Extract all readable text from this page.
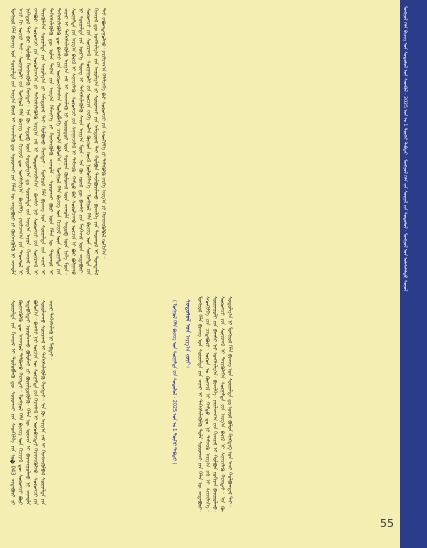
ᠮᠣᠩᠭᠣᠯ ᠬᠡᠯᠡ ᠪᠢᠴᠢᠭ᠌ ᠤᠨ ᠰᠤᠳᠤᠯᠤᠯ ᠤᠨ ᠰᠡᠳᠬᠦᠯ · 2025 ᠣᠨ ᠤ 1 ᠳᠦᠭᠡᠷ ᠳᠡᠪᠲᠡᠷ · ᠮᠣᠩᠭᠣᠯ ᠬᠡᠯᠡ ᠵᠢᠨ ᠰᠤᠷᠭᠠᠯ ᠵᠢᠨ ᠰᠤᠳᠤᠯᠤᠯ · ᠮᠣᠩᠭᠣᠯ ᠤᠨ ᠤᠯᠠᠮᠵᠯᠠᠯᠳᠤ ᠰᠣᠶᠣᠯ
ᠮᠣᠩᠭᠣᠯ ᠬᠡᠯᠡ ᠪᠢᠴᠢᠭ᠌ ᠤᠨ ᠰᠤᠷᠭᠠᠯᠲᠠ ᠶᠢᠨ ᠠᠷᠭ᠎ᠠ ᠪᠠᠷᠢᠯ ᠢ ᠰᠢᠨᠵᠢᠯᠡᠬᠦ ᠳᠦ ᠰᠤᠷᠤᠭᠴᠢ ᠶᠢᠨ ᠬᠡᠯᠡᠨ ᠦ ᠴᠢᠳᠠᠪᠤᠷᠢ ᠶᠢ ᠬᠥᠭᠵᠢᠭᠦᠯᠬᠦ ᠨᠢ ᠴᠢᠬᠤᠯᠠ ᠠᠴᠢ ᠬᠢ ᠤᠴᠢᠷ ᠲᠠᠢ᠃ ᠰᠤᠷᠭᠠᠭᠤᠯᠢ ᠶᠢᠨ ᠮᠣᠩᠭᠣᠯ ᠬᠡᠯᠡ ᠪᠢᠴᠢᠭ᠌ ᠤᠨ ᠬᠢᠴᠢᠶᠡᠯ ᠳᠦ ᠤᠩᠰᠢᠯᠭ᠎ᠠ᠂ ᠪᠢᠴᠢᠯᠭᠡ᠂ ᠶᠠᠷᠢᠯᠴᠠᠭ᠎ᠠ ᠶᠢᠨ ᠳᠠᠳᠬᠤᠯ ᠢ ᠨᠢᠭᠡᠳᠦᠯ ᠲᠡᠢ ᠪᠡᠷ ᠬᠣᠯᠪᠣᠨ ᠬᠡᠷᠡᠭᠵᠢᠭᠦᠯᠬᠦ ᠬᠡᠷᠡᠭᠲᠡᠢ᠃ ᠡᠨᠡ ᠬᠦ ᠰᠡᠳᠦᠪ ᠦᠨ ᠰᠤᠳᠤᠯᠭ᠎ᠠ ᠳᠤ ᠰᠤᠷᠭᠠᠯᠲᠠ ᠶᠢᠨ ᠠᠷᠭ᠎ᠠ ᠠᠷᠭᠠ᠂ ᠬᠢᠴᠢᠶᠡᠯ ᠦᠨ ᠵᠠᠭᠪᠤᠷ᠂ ᠰᠤᠷᠤᠭᠴᠢ ᠶᠢᠨ ᠣᠷᠣᠯᠴᠠᠭ᠎ᠠ ᠶᠢ ᠳᠡᠭᠡᠭᠰᠢᠯᠡᠭᠦᠯᠬᠦ ᠠᠷᠭ᠎ᠠ ᠵᠠᠮ ᠢ ᠲᠣᠳᠣᠷᠬᠠᠢᠯᠠᠨ᠎ᠠ᠃ ᠪᠠᠭᠰᠢ ᠨᠠᠷ ᠰᠤᠷᠤᠭᠴᠢ ᠶᠢᠨ ᠰᠤᠨᠢᠷᠬᠠᠯ ᠢ ᠲᠡᠷᠢᠭᠦᠯᠡᠭᠡᠨ ᠰᠤᠷᠭᠠᠯᠲᠠ ᠶᠢᠨ ᠠᠭᠤᠯᠭ᠎ᠠ ᠶᠢ ᠠᠮᠢᠳᠤᠷᠠᠯ ᠲᠠᠢ ᠬᠣᠯᠪᠣᠬᠤ ᠬᠡᠷᠡᠭᠲᠡᠢ᠃ ᠮᠣᠩᠭᠣᠯ ᠬᠡᠯᠡ ᠪᠢᠴᠢᠭ᠌ ᠤᠨ ᠰᠤᠷᠭᠠᠯᠲᠠ ᠶᠢᠨ ᠴᠢᠨᠠᠷ ᠢ ᠳᠡᠭᠡᠭᠰᠢᠯᠡᠭᠦᠯᠬᠦ ᠳᠦ ᠣᠯᠠᠨ ᠲᠠᠯ᠎ᠠ ᠶᠢᠨ ᠠᠷᠭ᠎ᠠ ᠬᠡᠮᠵᠢᠶ᠎ᠡ ᠶᠢ ᠬᠡᠷᠡᠭᠵᠢᠭᠦᠯᠬᠦ ᠴᠢᠬᠤᠯᠠ᠃ ᠰᠤᠷᠤᠭᠴᠢ ᠪᠦᠷ ᠦᠨ ᠬᠡᠯᠡᠨ ᠦ ᠳᠠᠳᠬᠤᠯ ᠢ ᠳᠡᠭᠡᠭᠰᠢᠯᠡᠭᠦᠯᠬᠦ ᠳᠦ ᠪᠠᠭᠰᠢ ᠶᠢᠨ ᠤᠷᠢᠳᠴᠢᠯᠠᠭᠰᠠᠨ ᠲᠥᠯᠥᠪᠯᠡᠭᠡ ᠴᠢᠬᠤᠯᠠ ᠪᠣᠯᠤᠨ᠎ᠠ᠃ ᠮᠣᠩᠭᠣᠯ ᠬᠡᠯᠡ ᠪᠢᠴᠢᠭ᠌ ᠤᠨ ᠬᠢᠴᠢᠶᠡᠯ ᠦᠨ ᠰᠤᠷᠭᠠᠯᠲᠠ ᠶᠢᠨ ᠴᠢᠨᠠᠷ ᠢ ᠳᠡᠭᠡᠭᠰᠢᠯᠡᠭᠦᠯᠬᠦ ᠠᠷᠭ᠎ᠠ ᠵᠠᠮ ᠢ ᠰᠢᠨᠵᠢᠯᠡᠬᠦ ᠨᠢ ᠥᠨᠥᠳᠦᠷ ᠦᠨ ᠰᠤᠷᠭᠠᠨ ᠬᠦᠮᠦᠵᠢᠯ ᠦᠨ ᠴᠢᠬᠤᠯᠠ ᠰᠡᠳᠦᠪ ᠦᠨ ᠨᠢᠭᠡ ᠮᠥᠨ᠃ ᠰᠤᠷᠭᠠᠯᠲᠠ ᠶᠢᠨ ᠠᠷᠭ᠎ᠠ ᠪᠠᠷᠢᠯ ᠢ ᠰᠢᠨᠡᠴᠢᠯᠡᠬᠦ᠂ ᠰᠤᠷᠤᠭᠴᠢ ᠶᠢᠨ ᠰᠠᠨᠠᠭᠠᠴᠢᠯᠠᠯ ᠢ ᠳᠡᠮᠵᠢᠬᠦ᠂ ᠬᠠᠮᠲᠤ ᠪᠡᠷ ᠰᠤᠷᠤᠯᠴᠠᠬᠤ ᠣᠷᠴᠢᠨ ᠢ ᠪᠤᠢ ᠪᠣᠯᠭᠠᠬᠤ ᠨᠢ ᠰᠤᠷᠭᠠᠯᠲᠠ ᠶᠢᠨ ᠦᠷ᠎ᠡ ᠳᠦᠩ ᠢ ᠳᠡᠭᠡᠭᠰᠢᠯᠡᠭᠦᠯᠬᠦ ᠰᠠᠢᠨ ᠠᠷᠭ᠎ᠠ ᠮᠥᠨ᠃ ᠡᠨᠡ ᠬᠦ ᠵᠦᠢᠯ ᠳᠦ ᠪᠠᠭᠰᠢ ᠶᠢᠨ ᠮᠡᠷᠭᠡᠵᠢᠯ ᠦᠨ ᠴᠢᠳᠠᠪᠤᠷᠢ᠂ ᠰᠤᠷᠤᠭᠴᠢ ᠶᠢᠨ ᠰᠣᠨᠢᠷᠬᠠᠯ᠂ ᠰᠤᠷᠭᠠᠭᠤᠯᠢ ᠶᠢᠨ ᠣᠷᠴᠢᠨ ᠵᠡᠷᠭᠡ ᠣᠯᠠᠨ ᠬᠦᠴᠦᠨ ᠵᠦᠢᠯ ᠨᠥᠯᠥᠭᠡᠯᠡᠨ᠎ᠡ᠃ ᠮᠣᠩᠭᠣᠯ ᠬᠡᠯᠡ ᠪᠢᠴᠢᠭ᠌ ᠤᠨ ᠰᠤᠷᠭᠠᠯᠲᠠ ᠶᠢᠨ ᠬᠢᠴᠢᠶᠡᠯ ᠳᠦ ᠤᠩᠰᠢᠯᠭ᠎ᠠ ᠶᠢᠨ ᠠᠭᠤᠯᠭ᠎ᠠ ᠶᠢ ᠰᠤᠷᠤᠭᠴᠢ ᠶᠢᠨ ᠠᠮᠢᠳᠤᠷᠠᠯ ᠲᠠᠢ ᠬᠣᠯᠪᠣᠨ ᠲᠠᠢᠯᠪᠤᠷᠢᠯᠠᠬᠤ᠂ ᠪᠢᠴᠢᠯᠭᠡ ᠶᠢᠨ ᠳᠠᠳᠬᠤᠯ ᠢ ᠲᠣᠭᠲᠠᠮᠠᠯ ᠲᠠᠢ ᠶᠠᠪᠤᠭᠳᠠᠭᠤᠯᠬᠤ᠂ ᠶᠠᠷᠢᠯᠴᠠᠭ᠎ᠠ ᠬᠡᠯᠡᠯᠴᠡᠭᠡ ᠪᠡᠷ ᠰᠤᠷᠤᠭᠴᠢ ᠶᠢᠨ ᠰᠡᠳᠬᠢᠯᠭᠡ ᠶᠢ ᠲᠡᠯᠡᠭᠦᠯᠬᠦ ᠵᠡᠷᠭᠡ ᠠᠷᠭ᠎ᠠ ᠶᠢ ᠬᠡᠷᠡᠭᠵᠢᠭᠦᠯᠪᠡᠯ ᠵᠣᠬᠢᠨ᠎ᠠ᠃
ᠮᠣᠩᠭᠣᠯ ᠬᠡᠯᠡ ᠪᠢᠴᠢᠭ᠌ ᠤᠨ ᠰᠤᠷᠭᠠᠯᠲᠠ ᠶᠢᠨ ᠴᠢᠨᠠᠷ ᠢ ᠳᠡᠭᠡᠭᠰᠢᠯᠡᠭᠦᠯᠬᠦ ᠲᠤᠯᠠ ᠰᠤᠷᠤᠭᠴᠢ ᠶᠢᠨ ᠬᠡᠯᠡᠨ ᠦ ᠴᠢᠳᠠᠪᠤᠷᠢ᠂ ᠰᠡᠳᠬᠢᠯᠭᠡ ᠶᠢᠨ ᠴᠢᠳᠠᠪᠤᠷᠢ᠂ ᠣᠶᠤᠨ ᠤ ᠬᠥᠭᠵᠢᠯ ᠢ ᠬᠠᠮᠲᠤ ᠳᠤ ᠨᠢ ᠳᠡᠮᠵᠢᠬᠦ ᠠᠷᠭ᠎ᠠ ᠵᠠᠮ ᠢ ᠰᠢᠨᠵᠢᠯᠡᠨ᠎ᠡ᠃ ᠰᠤᠷᠭᠠᠭᠤᠯᠢ ᠶᠢᠨ ᠪᠠᠭᠰᠢ ᠨᠠᠷ ᠤᠩᠰᠢᠯᠭ᠎ᠠ᠂ ᠪᠢᠴᠢᠯᠭᠡ᠂ ᠶᠠᠷᠢᠯᠴᠠᠭ᠎ᠠ ᠶᠢᠨ ᠬᠢᠴᠢᠶᠡᠯ ᠢ ᠬᠣᠯᠪᠣᠨ ᠵᠣᠬᠢᠶᠠᠨ ᠪᠠᠢᠭᠤᠯᠬᠤ᠂ ᠰᠤᠷᠤᠭᠴᠢ ᠶᠢᠨ ᠰᠤᠨᠢᠷᠬᠠᠯ ᠢ ᠲᠡᠷᠢᠭᠦᠯᠡᠭᠡᠨ ᠰᠤᠷᠭᠠᠯᠲᠠ ᠶᠢᠨ ᠠᠷᠭ᠎ᠠ ᠪᠠᠷᠢᠯ ᠢ ᠰᠢᠨᠡᠴᠢᠯᠡᠬᠦ ᠬᠡᠷᠡᠭᠲᠡᠢ᠃ ᠡᠨᠡ ᠬᠦ ᠰᠤᠳᠤᠯᠭ᠎ᠠ ᠨᠢ ᠮᠣᠩᠭᠣᠯ ᠬᠡᠯᠡ ᠪᠢᠴᠢᠭ᠌ ᠤᠨ ᠰᠤᠷᠭᠠᠯᠲᠠ ᠳᠤ ᠣᠨᠣᠯ ᠪᠣᠯᠤᠨ ᠫᠷᠠᠺᠲᠢᠺ ᠤᠨ ᠠᠴᠢ ᠬᠣᠯᠪᠣᠭᠳᠠᠯ ᠲᠠᠢ᠃
ᠰᠤᠳᠤᠯᠤᠯ ᠤᠨ ᠠᠷᠭ᠎ᠠ ᠵᠦᠢ᠄
( ᠮᠣᠩᠭᠣᠯ ᠬᠡᠯᠡ ᠪᠢᠴᠢᠭ᠌ ᠤᠨ ᠰᠤᠷᠭᠠᠯᠲᠠ ᠶᠢᠨ ᠰᠤᠳᠤᠯᠤᠯ · 2025 ᠣᠨ ᠤ 1 ᠳᠦᠭᠡᠷ ᠳᠡᠪᠲᠡᠷ )
ᠰᠤᠷᠭᠠᠯᠲᠠ ᠶᠢᠨ ᠬᠢᠴᠢᠶᠡᠯ ᠢ ᠲᠥᠯᠥᠪᠯᠡᠬᠦ ᠳᠦ ᠰᠤᠷᠤᠭᠴᠢ ᠶᠢᠨ ᠰᠡᠳᠬᠢᠯᠭᠡ ᠶᠢᠨ ᠣ�043 ᠴᠢᠳᠠᠪᠤᠷᠢ ᠶᠢ ᠬᠥᠭᠵᠢᠭᠦᠯᠬᠦ ᠳᠦ ᠠᠨᠬᠠᠷᠤᠯ ᠲᠠᠯᠪᠢᠬᠤ ᠬᠡᠷᠡᠭᠲᠡᠢ᠃ ᠮᠣᠩᠭᠣᠯ ᠬᠡᠯᠡ ᠪᠢᠴᠢᠭ᠌ ᠤᠨ ᠬᠢᠴᠢᠶᠡᠯ ᠳᠦ ᠰᠤᠷᠤᠭᠴᠢ ᠪᠦᠷ ᠢᠳᠡᠪᠬᠢᠲᠡᠢ ᠣᠷᠣᠯᠴᠠᠬᠤ ᠪᠣᠯᠤᠮᠵᠢ ᠶᠢ ᠪᠦᠷᠢᠯᠳᠦᠭᠦᠯᠬᠦ᠂ ᠬᠡᠯᠡᠨ ᠦ ᠣᠷᠴᠢᠨ ᠢ ᠪᠠᠶᠠᠵᠢᠭᠤᠯᠬᠤ ᠨᠢ ᠴᠢᠬᠤᠯᠠ ᠪᠣᠯᠤᠨ᠎ᠠ᠃ ᠪᠠᠭᠰᠢ ᠨᠠᠷ ᠣᠷᠴᠢᠨ ᠦ ᠰᠤᠷᠭᠠᠯᠲᠠ ᠶᠢᠨ ᠬᠡᠷᠡᠭᠰᠡᠯ ᠢ ᠣᠨᠣᠪᠴᠢᠲᠠᠢ ᠬᠡᠷᠡᠭᠵᠢᠭᠦᠯᠵᠦ᠂ ᠰᠤᠷᠤᠭᠴᠢ ᠶᠢᠨ ᠰᠤᠷᠤᠯᠴᠠᠬᠤ ᠰᠣᠨᠢᠷᠬᠠᠯ ᠢ ᠳᠡᠭᠡᠭᠰᠢᠯᠡᠭᠦᠯᠬᠦ ᠬᠡᠷᠡᠭᠲᠡᠢ᠃ ᠡᠨᠡ ᠬᠦ ᠠᠷᠭ᠎ᠠ ᠵᠠᠮ ᠢ ᠬᠡᠷᠡᠭᠵᠢᠭᠦᠯᠪᠡᠯ ᠰᠤᠷᠭᠠᠯᠲᠠ ᠶᠢᠨ ᠴᠢᠨᠠᠷ ᠳᠡᠭᠡᠭᠰᠢᠯᠡᠬᠦ ᠨᠢ ᠯᠠᠪᠳᠠᠢ᠃
55
